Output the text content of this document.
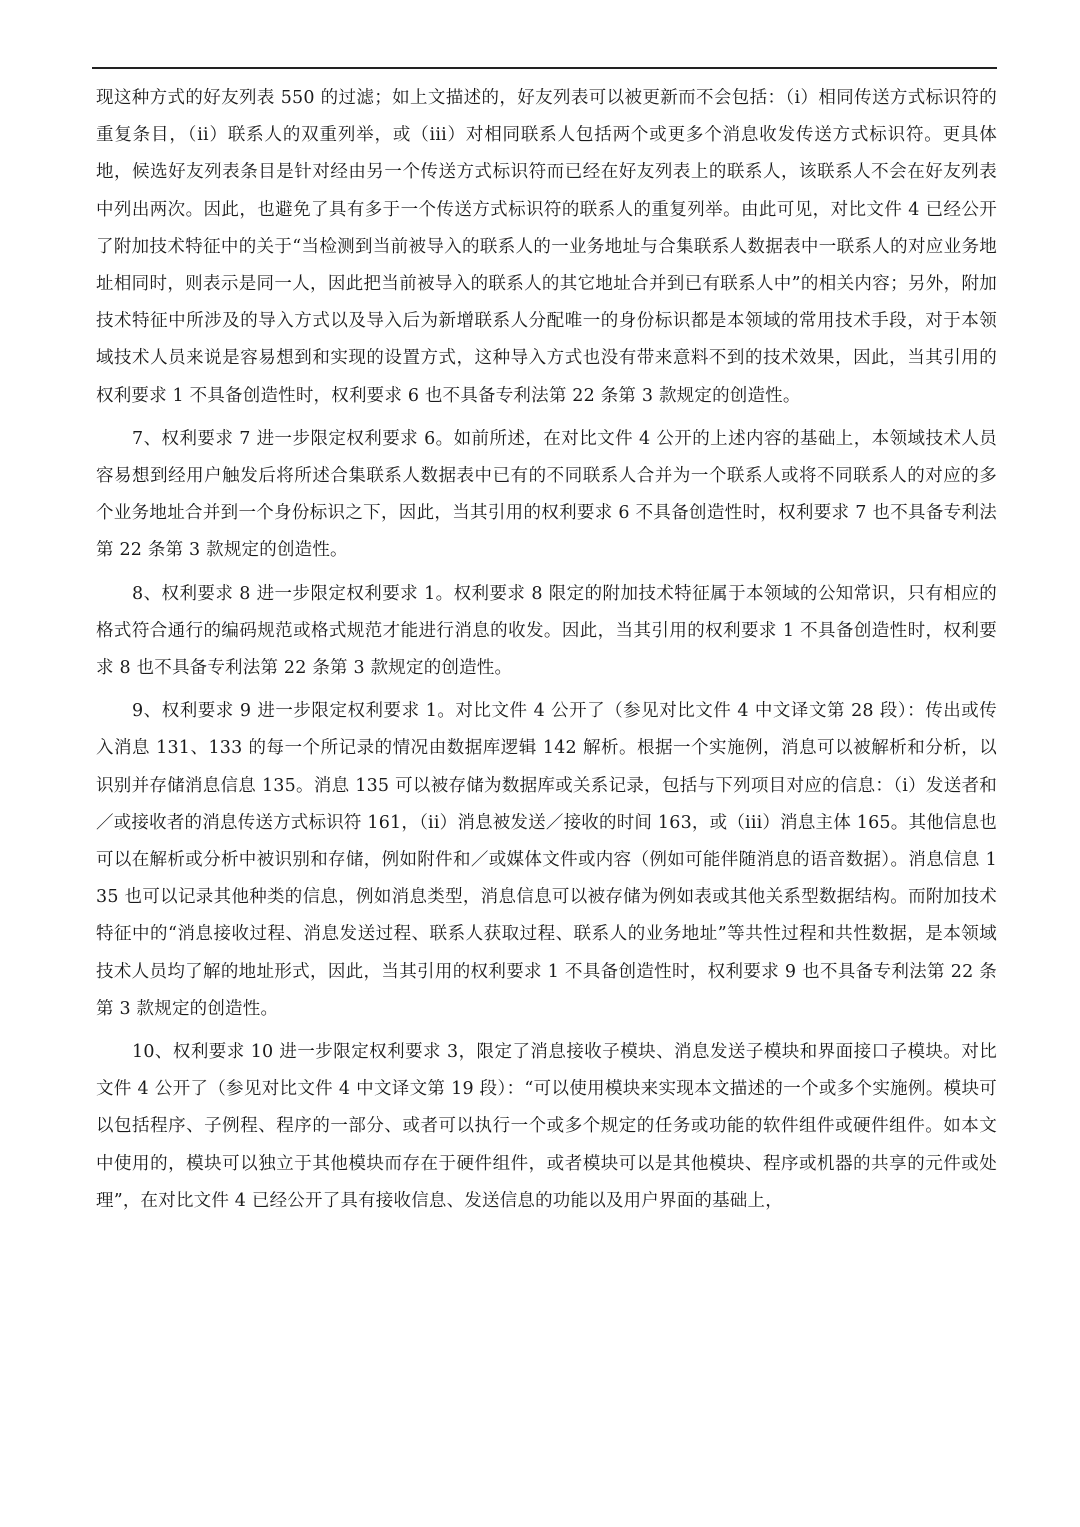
现这种方式的好友列表 550 的过滤；如上文描述的，好友列表可以被更新而不会包括：（i）相同传送方式标识符的重复条目，（ii）联系人的双重列举，或（iii）对相同联系人包括两个或更多个消息收发传送方式标识符。更具体地，候选好友列表条目是针对经由另一个传送方式标识符而已经在好友列表上的联系人，该联系人不会在好友列表中列出两次。因此，也避免了具有多于一个传送方式标识符的联系人的重复列举。由此可见，对比文件 4 已经公开了附加技术特征中的关于“当检测到当前被导入的联系人的一业务地址与合集联系人数据表中一联系人的对应业务地址相同时，则表示是同一人，因此把当前被导入的联系人的其它地址合并到已有联系人中”的相关内容；另外，附加技术特征中所涉及的导入方式以及导入后为新增联系人分配唯一的身份标识都是本领域的常用技术手段，对于本领域技术人员来说是容易想到和实现的设置方式，这种导入方式也没有带来意料不到的技术效果，因此，当其引用的权利要求 1 不具备创造性时，权利要求 6 也不具备专利法第 22 条第 3 款规定的创造性。

7、权利要求 7 进一步限定权利要求 6。如前所述，在对比文件 4 公开的上述内容的基础上，本领域技术人员容易想到经用户触发后将所述合集联系人数据表中已有的不同联系人合并为一个联系人或将不同联系人的对应的多个业务地址合并到一个身份标识之下，因此，当其引用的权利要求 6 不具备创造性时，权利要求 7 也不具备专利法第 22 条第 3 款规定的创造性。

8、权利要求 8 进一步限定权利要求 1。权利要求 8 限定的附加技术特征属于本领域的公知常识，只有相应的格式符合通行的编码规范或格式规范才能进行消息的收发。因此，当其引用的权利要求 1 不具备创造性时，权利要求 8 也不具备专利法第 22 条第 3 款规定的创造性。

9、权利要求 9 进一步限定权利要求 1。对比文件 4 公开了（参见对比文件 4 中文译文第 28 段）：传出或传入消息 131、133 的每一个所记录的情况由数据库逻辑 142 解析。根据一个实施例，消息可以被解析和分析，以识别并存储消息信息 135。消息 135 可以被存储为数据库或关系记录，包括与下列项目对应的信息：（i）发送者和／或接收者的消息传送方式标识符 161，（ii）消息被发送／接收的时间 163，或（iii）消息主体 165。其他信息也可以在解析或分析中被识别和存储，例如附件和／或媒体文件或内容（例如可能伴随消息的语音数据）。消息信息 135 也可以记录其他种类的信息，例如消息类型，消息信息可以被存储为例如表或其他关系型数据结构。而附加技术特征中的“消息接收过程、消息发送过程、联系人获取过程、联系人的业务地址”等共性过程和共性数据，是本领域技术人员均了解的地址形式，因此，当其引用的权利要求 1 不具备创造性时，权利要求 9 也不具备专利法第 22 条第 3 款规定的创造性。

10、权利要求 10 进一步限定权利要求 3，限定了消息接收子模块、消息发送子模块和界面接口子模块。对比文件 4 公开了（参见对比文件 4 中文译文第 19 段）：“可以使用模块来实现本文描述的一个或多个实施例。模块可以包括程序、子例程、程序的一部分、或者可以执行一个或多个规定的任务或功能的软件组件或硬件组件。如本文中使用的，模块可以独立于其他模块而存在于硬件组件，或者模块可以是其他模块、程序或机器的共享的元件或处理”，在对比文件 4 已经公开了具有接收信息、发送信息的功能以及用户界面的基础上，
